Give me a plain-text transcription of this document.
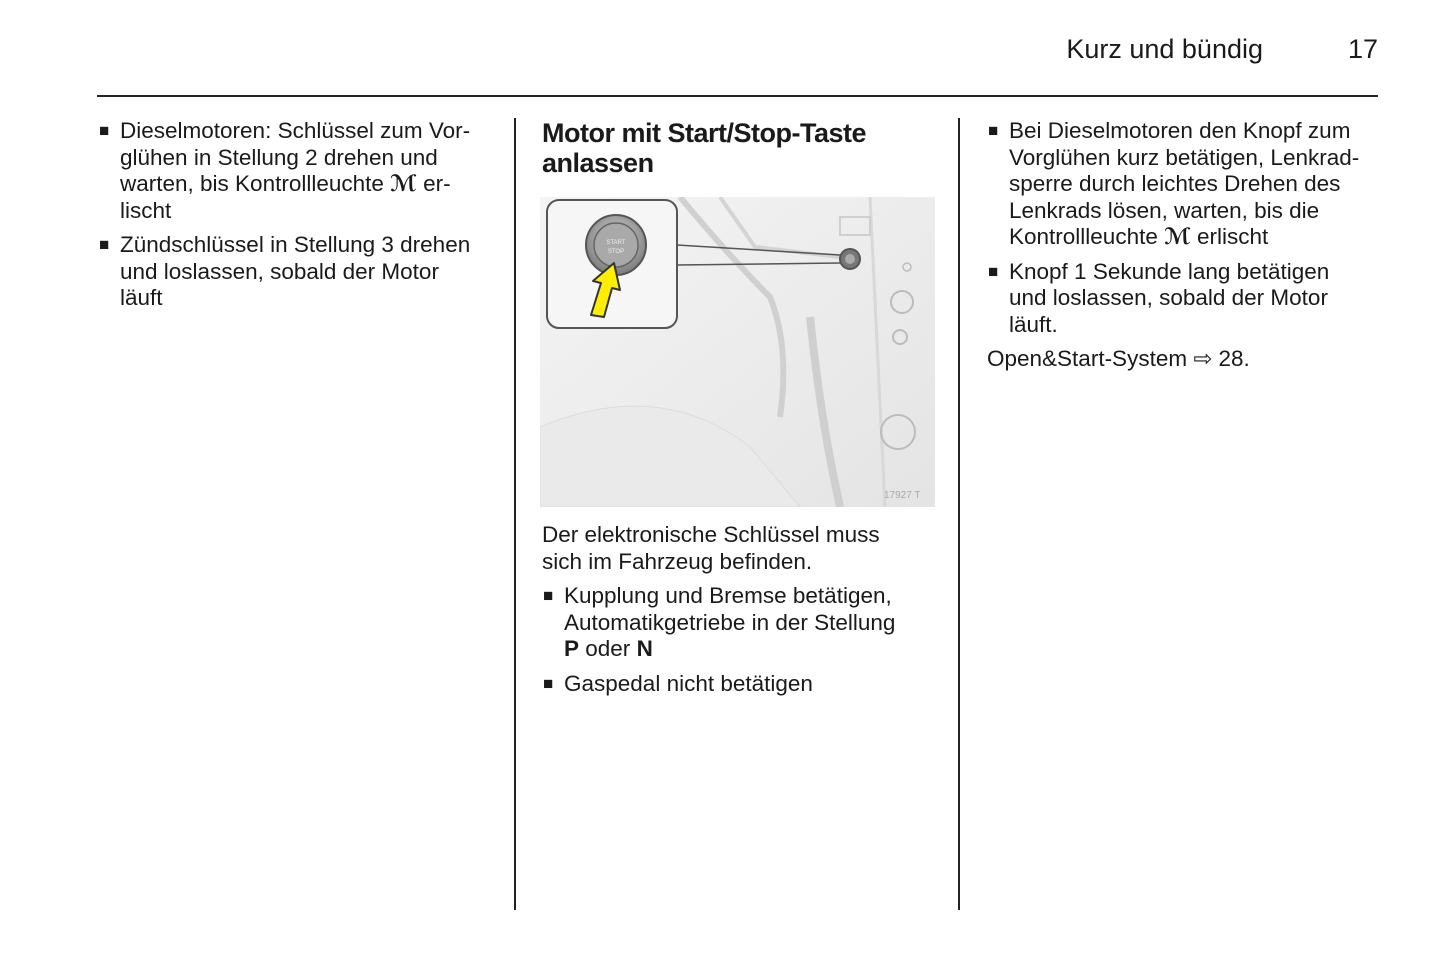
Kurz und bündig	17
■ Dieselmotoren: Schlüssel zum Vor-
glühen in Stellung 2 drehen und
warten, bis Kontrollleuchte ℳ er-
lischt
■ Zündschlüssel in Stellung 3 drehen
und loslassen, sobald der Motor
läuft
Motor mit Start/Stop-Taste
anlassen
START
STOP
17927 T

Der elektronische Schlüssel muss
sich im Fahrzeug befinden.

■ Kupplung und Bremse betätigen,
Automatikgetriebe in der Stellung
P oder N
■ Gaspedal nicht betätigen
■ Bei Dieselmotoren den Knopf zum
Vorglühen kurz betätigen, Lenkrad-
sperre durch leichtes Drehen des
Lenkrads lösen, warten, bis die
Kontrollleuchte ℳ erlischt
■ Knopf 1 Sekunde lang betätigen
und loslassen, sobald der Motor
läuft.

Open&Start-System ⇨ 28.
